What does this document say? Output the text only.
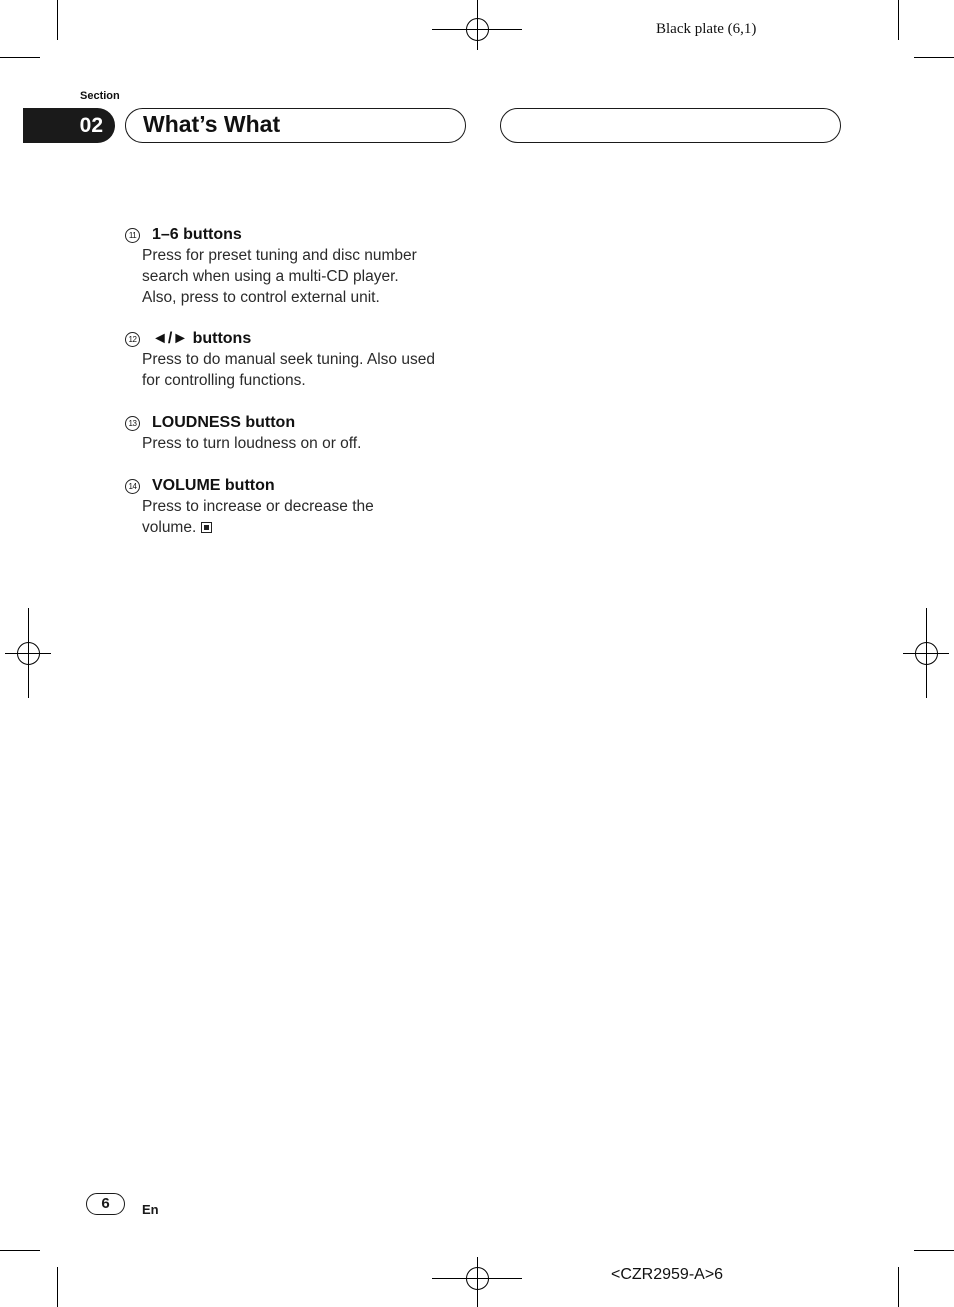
Black plate (6,1)
Section
02	What’s What
11 1–6 buttons
Press for preset tuning and disc number
search when using a multi-CD player.
Also, press to control external unit.
12 ◄/► buttons
Press to do manual seek tuning. Also used
for controlling functions.
13 LOUDNESS button
Press to turn loudness on or off.
14 VOLUME button
Press to increase or decrease the
volume.
6	En
<CZR2959-A>6
